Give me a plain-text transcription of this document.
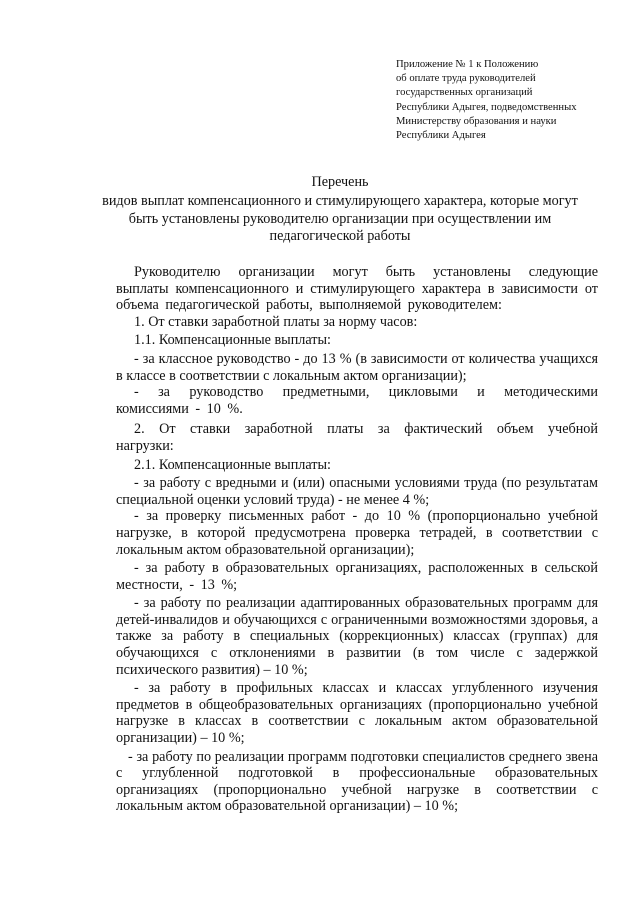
Приложение № 1 к Положению
об оплате труда руководителей
государственных организаций
Республики Адыгея, подведомственных
Министерству образования и науки
Республики Адыгея
Перечень
видов выплат компенсационного и стимулирующего характера, которые могут быть установлены руководителю организации при осуществлении им педагогической работы

Руководителю организации могут быть установлены следующие выплаты компенсационного и стимулирующего характера в зависимости от объема педагогической работы, выполняемой руководителем:

1. От ставки заработной платы за норму часов:

1.1. Компенсационные выплаты:

- за классное руководство - до 13 % (в зависимости от количества учащихся в классе в соответствии с локальным актом организации);

- за руководство предметными, цикловыми и методическими комиссиями - 10 %.

2. От ставки заработной платы за фактический объем учебной нагрузки:

2.1. Компенсационные выплаты:

- за работу с вредными и (или) опасными условиями труда (по результатам специальной оценки условий труда) - не менее 4 %;

- за проверку письменных работ - до 10 % (пропорционально учебной нагрузке, в которой предусмотрена проверка тетрадей, в соответствии с локальным актом образовательной организации);

- за работу в образовательных организациях, расположенных в сельской местности, - 13 %;

- за работу по реализации адаптированных образовательных программ для детей-инвалидов и обучающихся с ограниченными возможностями здоровья, а также за работу в специальных (коррекционных) классах (группах) для обучающихся с отклонениями в развитии (в том числе с задержкой психического развития) – 10 %;

- за работу в профильных классах и классах углубленного изучения предметов в общеобразовательных организациях (пропорционально учебной нагрузке в классах в соответствии с локальным актом образовательной организации) – 10 %;

- за работу по реализации программ подготовки специалистов среднего звена с углубленной подготовкой в профессиональные образовательных организациях (пропорционально учебной нагрузке в соответствии с локальным актом образовательной организации) – 10 %;
